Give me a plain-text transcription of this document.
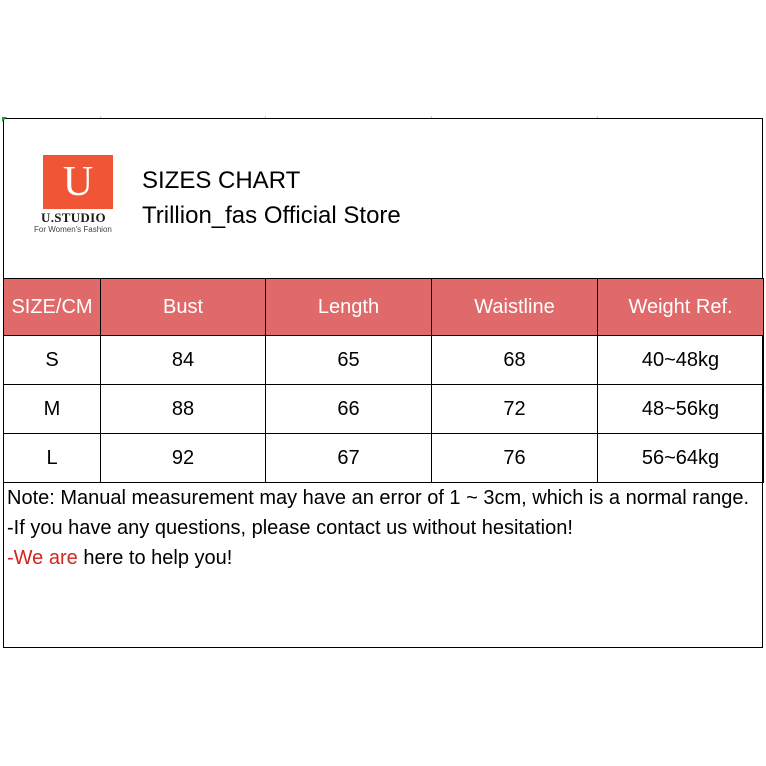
U
U.STUDIO
For Women's Fashion
SIZES CHART
Trillion_fas Official Store
SIZE/CM	Bust	Length	Waistline	Weight Ref.
S	84	65	68	40~48kg
M	88	66	72	48~56kg
L	92	67	76	56~64kg

Note: Manual measurement may have an error of 1 ~ 3cm, which is a normal range.

-If you have any questions, please contact us without hesitation!

-We are here to help you!
